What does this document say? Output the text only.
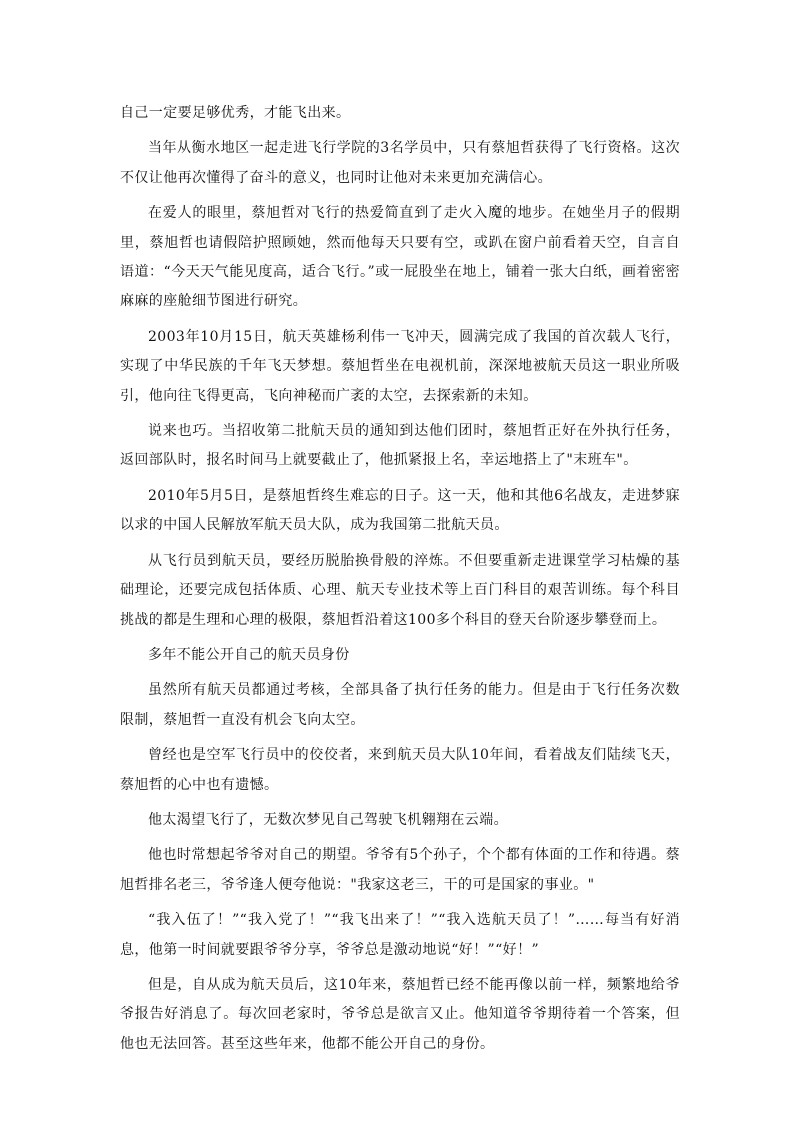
自己一定要足够优秀，才能飞出来。

当年从衡水地区一起走进飞行学院的3名学员中，只有蔡旭哲获得了飞行资格。这次不仅让他再次懂得了奋斗的意义，也同时让他对未来更加充满信心。

在爱人的眼里，蔡旭哲对飞行的热爱简直到了走火入魔的地步。在她坐月子的假期里，蔡旭哲也请假陪护照顾她，然而他每天只要有空，或趴在窗户前看着天空，自言自语道：“今天天气能见度高，适合飞行。”或一屁股坐在地上，铺着一张大白纸，画着密密麻麻的座舱细节图进行研究。

2003年10月15日，航天英雄杨利伟一飞冲天，圆满完成了我国的首次载人飞行，实现了中华民族的千年飞天梦想。蔡旭哲坐在电视机前，深深地被航天员这一职业所吸引，他向往飞得更高，飞向神秘而广袤的太空，去探索新的未知。

说来也巧。当招收第二批航天员的通知到达他们团时，蔡旭哲正好在外执行任务，返回部队时，报名时间马上就要截止了，他抓紧报上名，幸运地搭上了"末班车"。

2010年5月5日，是蔡旭哲终生难忘的日子。这一天，他和其他6名战友，走进梦寐以求的中国人民解放军航天员大队，成为我国第二批航天员。

从飞行员到航天员，要经历脱胎换骨般的淬炼。不但要重新走进课堂学习枯燥的基础理论，还要完成包括体质、心理、航天专业技术等上百门科目的艰苦训练。每个科目挑战的都是生理和心理的极限，蔡旭哲沿着这100多个科目的登天台阶逐步攀登而上。

多年不能公开自己的航天员身份

虽然所有航天员都通过考核，全部具备了执行任务的能力。但是由于飞行任务次数限制，蔡旭哲一直没有机会飞向太空。

曾经也是空军飞行员中的佼佼者，来到航天员大队10年间，看着战友们陆续飞天，蔡旭哲的心中也有遗憾。

他太渴望飞行了，无数次梦见自己驾驶飞机翱翔在云端。

他也时常想起爷爷对自己的期望。爷爷有5个孙子，个个都有体面的工作和待遇。蔡旭哲排名老三，爷爷逢人便夸他说："我家这老三，干的可是国家的事业。"

“我入伍了！”“我入党了！”“我飞出来了！”“我入选航天员了！”……每当有好消息，他第一时间就要跟爷爷分享，爷爷总是激动地说“好！”“好！”

但是，自从成为航天员后，这10年来，蔡旭哲已经不能再像以前一样，频繁地给爷爷报告好消息了。每次回老家时，爷爷总是欲言又止。他知道爷爷期待着一个答案，但他也无法回答。甚至这些年来，他都不能公开自己的身份。
